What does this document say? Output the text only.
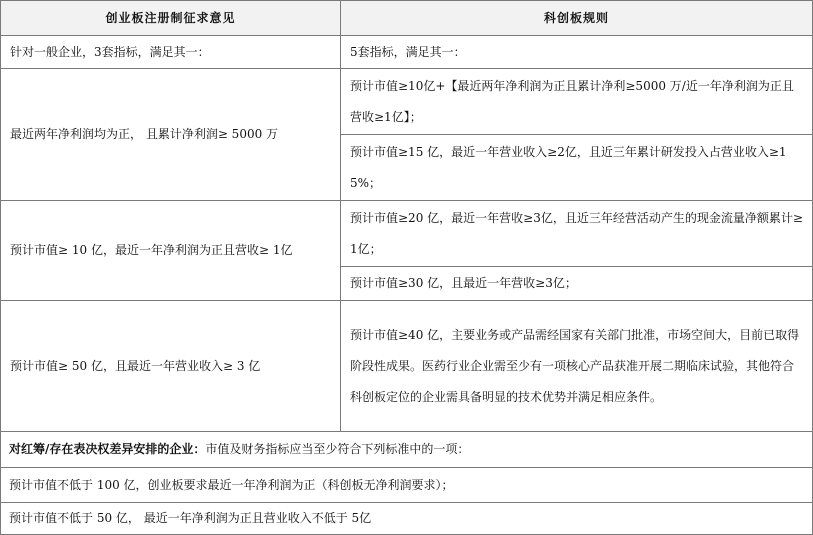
创业板注册制征求意见	科创板规则
针对一般企业，3套指标，满足其一：	5套指标，满足其一：
最近两年净利润均为正， 且累计净利润≥ 5000 万	预计市值≥10亿+【最近两年净利润为正且累计净利≥5000 万/近一年净利润为正且营收≥1亿】；
	预计市值≥15 亿，最近一年营业收入≥2亿，且近三年累计研发投入占营业收入≥15%；
预计市值≥ 10 亿，最近一年净利润为正且营收≥ 1亿	预计市值≥20 亿，最近一年营收≥3亿，且近三年经营活动产生的现金流量净额累计≥1亿；
	预计市值≥30 亿，且最近一年营收≥3亿；
预计市值≥ 50 亿，且最近一年营业收入≥ 3 亿	预计市值≥40 亿，主要业务或产品需经国家有关部门批准，市场空间大，目前已取得阶段性成果。医药行业企业需至少有一项核心产品获准开展二期临床试验，其他符合科创板定位的企业需具备明显的技术优势并满足相应条件。
对红筹/存在表决权差异安排的企业：市值及财务指标应当至少符合下列标准中的一项：	
预计市值不低于 100 亿，创业板要求最近一年净利润为正（科创板无净利润要求）；	
预计市值不低于 50 亿， 最近一年净利润为正且营业收入不低于 5亿	
